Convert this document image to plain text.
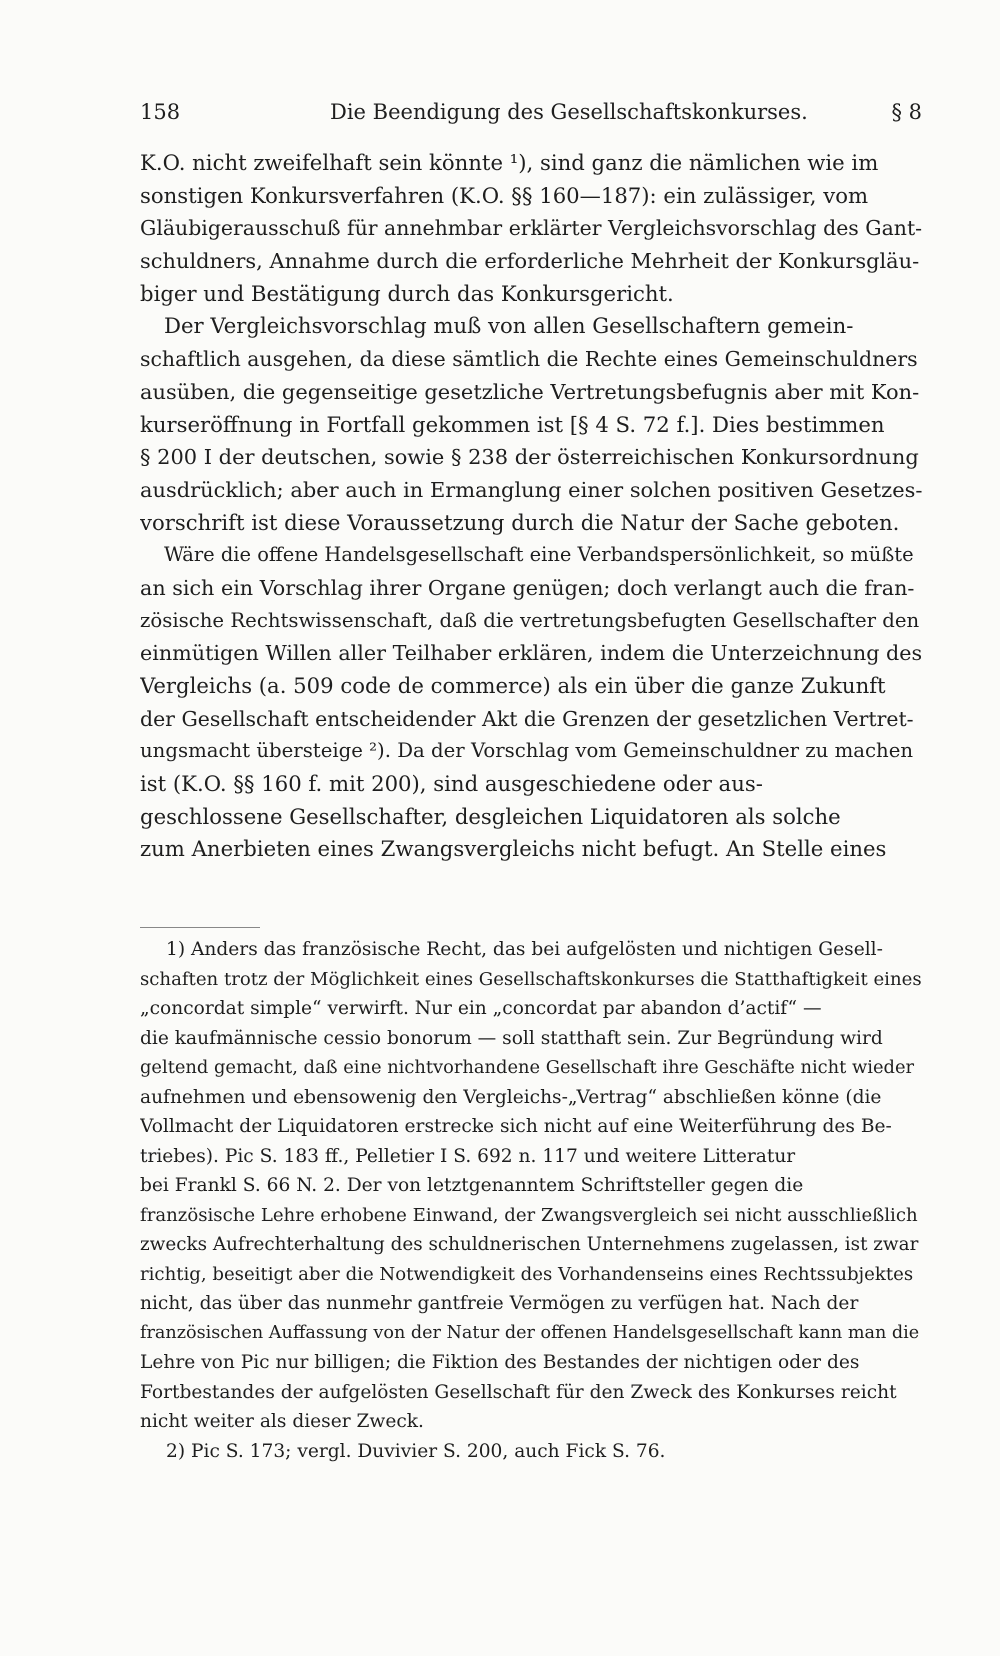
158	Die Beendigung des Gesellschaftskonkurses.	§ 8
K.O. nicht zweifelhaft sein könnte ¹), sind ganz die nämlichen wie im
sonstigen Konkursverfahren (K.O. §§ 160—187): ein zulässiger, vom
Gläubigerausschuß für annehmbar erklärter Vergleichsvorschlag des Gant-
schuldners, Annahme durch die erforderliche Mehrheit der Konkursgläu-
biger und Bestätigung durch das Konkursgericht.
Der Vergleichsvorschlag muß von allen Gesellschaftern gemein-
schaftlich ausgehen, da diese sämtlich die Rechte eines Gemeinschuldners
ausüben, die gegenseitige gesetzliche Vertretungsbefugnis aber mit Kon-
kurseröffnung in Fortfall gekommen ist [§ 4 S. 72 f.]. Dies bestimmen
§ 200 I der deutschen, sowie § 238 der österreichischen Konkursordnung
ausdrücklich; aber auch in Ermanglung einer solchen positiven Gesetzes-
vorschrift ist diese Voraussetzung durch die Natur der Sache geboten.
Wäre die offene Handelsgesellschaft eine Verbandspersönlichkeit, so müßte
an sich ein Vorschlag ihrer Organe genügen; doch verlangt auch die fran-
zösische Rechtswissenschaft, daß die vertretungsbefugten Gesellschafter den
einmütigen Willen aller Teilhaber erklären, indem die Unterzeichnung des
Vergleichs (a. 509 code de commerce) als ein über die ganze Zukunft
der Gesellschaft entscheidender Akt die Grenzen der gesetzlichen Vertret-
ungsmacht übersteige ²). Da der Vorschlag vom Gemeinschuldner zu machen
ist (K.O. §§ 160 f. mit 200), sind ausgeschiedene oder aus-
geschlossene Gesellschafter, desgleichen Liquidatoren als solche
zum Anerbieten eines Zwangsvergleichs nicht befugt. An Stelle eines
1) Anders das französische Recht, das bei aufgelösten und nichtigen Gesell-
schaften trotz der Möglichkeit eines Gesellschaftskonkurses die Statthaftigkeit eines
„concordat simple“ verwirft. Nur ein „concordat par abandon d’actif“ —
die kaufmännische cessio bonorum — soll statthaft sein. Zur Begründung wird
geltend gemacht, daß eine nichtvorhandene Gesellschaft ihre Geschäfte nicht wieder
aufnehmen und ebensowenig den Vergleichs-„Vertrag“ abschließen könne (die
Vollmacht der Liquidatoren erstrecke sich nicht auf eine Weiterführung des Be-
triebes). Pic S. 183 ff., Pelletier I S. 692 n. 117 und weitere Litteratur
bei Frankl S. 66 N. 2. Der von letztgenanntem Schriftsteller gegen die
französische Lehre erhobene Einwand, der Zwangsvergleich sei nicht ausschließlich
zwecks Aufrechterhaltung des schuldnerischen Unternehmens zugelassen, ist zwar
richtig, beseitigt aber die Notwendigkeit des Vorhandenseins eines Rechtssubjektes
nicht, das über das nunmehr gantfreie Vermögen zu verfügen hat. Nach der
französischen Auffassung von der Natur der offenen Handelsgesellschaft kann man die
Lehre von Pic nur billigen; die Fiktion des Bestandes der nichtigen oder des
Fortbestandes der aufgelösten Gesellschaft für den Zweck des Konkurses reicht
nicht weiter als dieser Zweck.
2) Pic S. 173; vergl. Duvivier S. 200, auch Fick S. 76.
